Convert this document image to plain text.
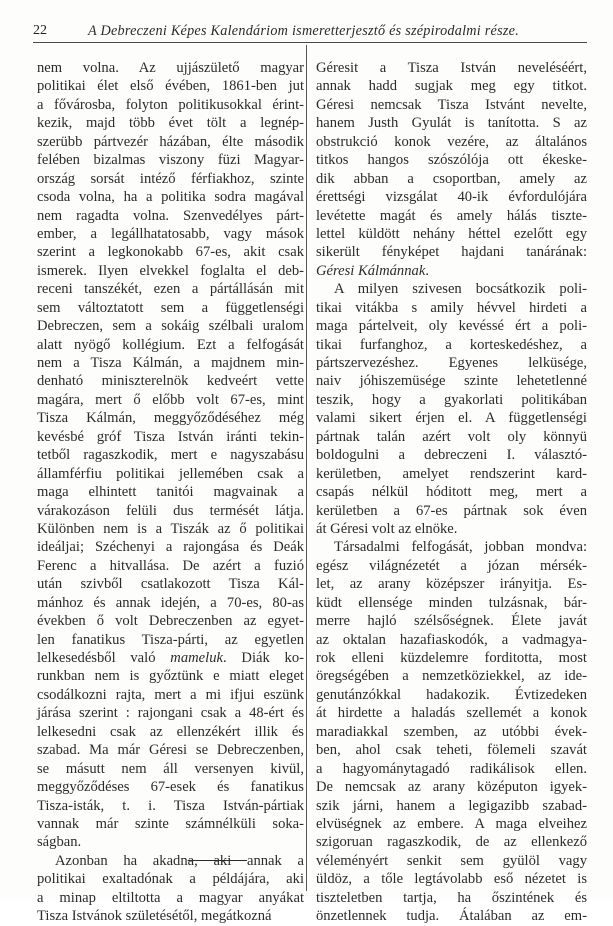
22	A Debreczeni Képes Kalendáriom ismeretterjesztő és szépirodalmi része.
nem volna. Az ujjászülető magyar
politikai élet első évében, 1861-ben jut
a fővárosba, folyton politikusokkal érint-
kezik, majd több évet tölt a legnép-
szerübb pártvezér házában, élte második
felében bizalmas viszony füzi Magyar-
ország sorsát intéző férfiakhoz, szinte
csoda volna, ha a politika sodra magával
nem ragadta volna. Szenvedélyes párt-
ember, a legállhatatosabb, vagy mások
szerint a legkonokabb 67-es, akit csak
ismerek. Ilyen elvekkel foglalta el deb-
receni tanszékét, ezen a pártállásán mit
sem változtatott sem a függetlenségi
Debreczen, sem a sokáig szélbali uralom
alatt nyögő kollégium. Ezt a felfogását
nem a Tisza Kálmán, a majdnem min-
denható miniszterelnök kedveért vette
magára, mert ő előbb volt 67-es, mint
Tisza Kálmán, meggyőződéséhez még
kevésbé gróf Tisza István iránti tekin-
tetből ragaszkodik, mert e nagyszabásu
államférfiu politikai jellemében csak a
maga elhintett tanitói magvainak a
várakozáson felüli dus termését látja.
Különben nem is a Tiszák az ő politikai
ideáljai; Széchenyi a rajongása és Deák
Ferenc a hitvallása. De azért a fuzió
után szivből csatlakozott Tisza Kál-
mánhoz és annak idején, a 70-es, 80-as
években ő volt Debreczenben az egyet-
len fanatikus Tisza-párti, az egyetlen
lelkesedésből való mameluk. Diák ko-
runkban nem is győztünk e miatt eleget
csodálkozni rajta, mert a mi ifjui eszünk
járása szerint : rajongani csak a 48-ért és
lelkesedni csak az ellenzékért illik és
szabad. Ma már Géresi se Debreczenben,
se másutt nem áll versenyen kivül,
meggyőződéses 67-esek és fanatikus
Tisza-isták, t. i. Tisza István-pártiak
vannak már szinte számnélküli soka-
ságban.
Azonban ha akadna, aki annak a
politikai exaltadónak a példájára, aki
a minap eltiltotta a magyar anyákat
Tisza Istvánok születésétől, megátkozná
Géresit a Tisza István neveléséért,
annak hadd sugjak meg egy titkot.
Géresi nemcsak Tisza Istvánt nevelte,
hanem Justh Gyulát is tanította. S az
obstrukció konok vezére, az általános
titkos hangos szószólója ott ékeske-
dik abban a csoportban, amely az
érettségi vizsgálat 40-ik évfordulójára
levétette magát és amely hálás tiszte-
lettel küldött nehány héttel ezelőtt egy
sikerült fényképet hajdani tanárának:
Géresi Kálmánnak.
A milyen szivesen bocsátkozik poli-
tikai vitákba s amily hévvel hirdeti a
maga pártelveit, oly kevéssé ért a poli-
tikai furfanghoz, a korteskedéshez, a
pártszervezéshez. Egyenes lelküsége,
naiv jóhiszemüsége szinte lehetetlenné
teszik, hogy a gyakorlati politikában
valami sikert érjen el. A függetlenségi
pártnak talán azért volt oly könnyü
boldogulni a debreczeni I. választó-
kerületben, amelyet rendszerint kard-
csapás nélkül hóditott meg, mert a
kerületben a 67-es pártnak sok éven
át Géresi volt az elnöke.
Társadalmi felfogását, jobban mondva:
egész világnézetét a józan mérsék-
let, az arany középszer irányitja. Es-
küdt ellensége minden tulzásnak, bár-
merre hajló szélsőségnek. Élete javát
az oktalan hazafiaskodók, a vadmagya-
rok elleni küzdelemre forditotta, most
öregségében a nemzetköziekkel, az ide-
genutánzókkal hadakozik. Évtizedeken
át hirdette a haladás szellemét a konok
maradiakkal szemben, az utóbbi évek-
ben, ahol csak teheti, fölemeli szavát
a hagyománytagadó radikálisok ellen.
De nemcsak az arany középuton igyek-
szik járni, hanem a legigazibb szabad-
elvüségnek az embere. A maga elveihez
szigoruan ragaszkodik, de az ellenkező
véleményért senkit sem gyülöl vagy
üldöz, a tőle legtávolabb eső nézetet is
tiszteletben tartja, ha őszintének és
önzetlennek tudja. Átalában az em-
